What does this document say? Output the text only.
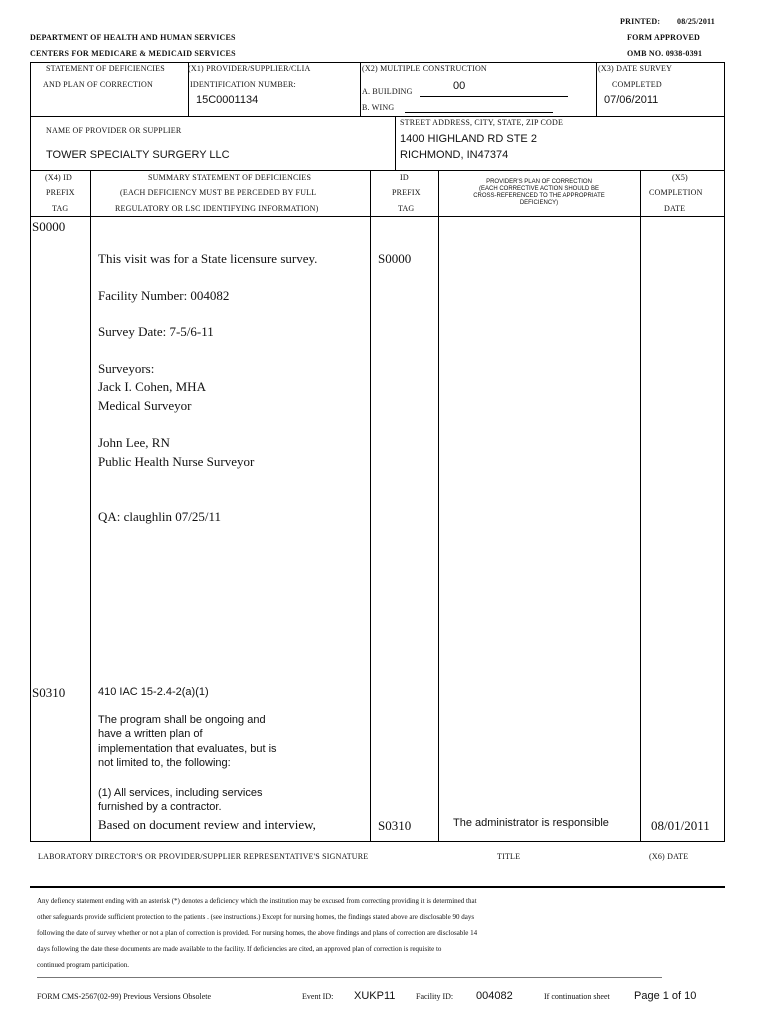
PRINTED: 08/25/2011
DEPARTMENT OF HEALTH AND HUMAN SERVICES	FORM APPROVED
CENTERS FOR MEDICARE & MEDICAID SERVICES	OMB NO. 0938-0391
STATEMENT OF DEFICIENCIES
AND PLAN OF CORRECTION
(X1) PROVIDER/SUPPLIER/CLIA
IDENTIFICATION NUMBER:
15C0001134
(X2) MULTIPLE CONSTRUCTION
A. BUILDING	00
B. WING
(X3) DATE SURVEY
COMPLETED
07/06/2011
NAME OF PROVIDER OR SUPPLIER
TOWER SPECIALTY SURGERY LLC
STREET ADDRESS, CITY, STATE, ZIP CODE
1400 HIGHLAND RD STE 2
RICHMOND, IN47374
(X4) ID
PREFIX
TAG
SUMMARY STATEMENT OF DEFICIENCIES
(EACH DEFICIENCY MUST BE PERCEDED BY FULL
REGULATORY OR LSC IDENTIFYING INFORMATION)
ID
PREFIX
TAG
PROVIDER'S PLAN OF CORRECTION
(EACH CORRECTIVE ACTION SHOULD BE
CROSS-REFERENCED TO THE APPROPRIATE
DEFICIENCY)
(X5)
COMPLETION
DATE
S0000
This visit was for a State licensure survey.	S0000
Facility Number: 004082
Survey Date: 7-5/6-11
Surveyors:
Jack I. Cohen, MHA
Medical Surveyor
John Lee, RN
Public Health Nurse Surveyor
QA: claughlin 07/25/11
S0310	410 IAC 15-2.4-2(a)(1)
The program shall be ongoing and
have a written plan of
implementation that evaluates, but is
not limited to, the following:
(1) All services, including services
furnished by a contractor.
Based on document review and interview,	S0310	The administrator is responsible	08/01/2011
LABORATORY DIRECTOR'S OR PROVIDER/SUPPLIER REPRESENTATIVE'S SIGNATURE	TITLE	(X6) DATE
Any defiency statement ending with an asterisk (*) denotes a deficiency which the institution may be excused from correcting providing it is determined that
other safeguards provide sufficient protection to the patients . (see instructions.) Except for nursing homes, the findings stated above are disclosable 90 days
following the date of survey whether or not a plan of correction is provided. For nursing homes, the above findings and plans of correction are disclosable 14
days following the date these documents are made available to the facility. If deficiencies are cited, an approved plan of correction is requisite to
continued program participation.
FORM CMS-2567(02-99) Previous Versions Obsolete	Event ID: XUKP11	Facility ID: 004082	If continuation sheet Page 1 of 10
